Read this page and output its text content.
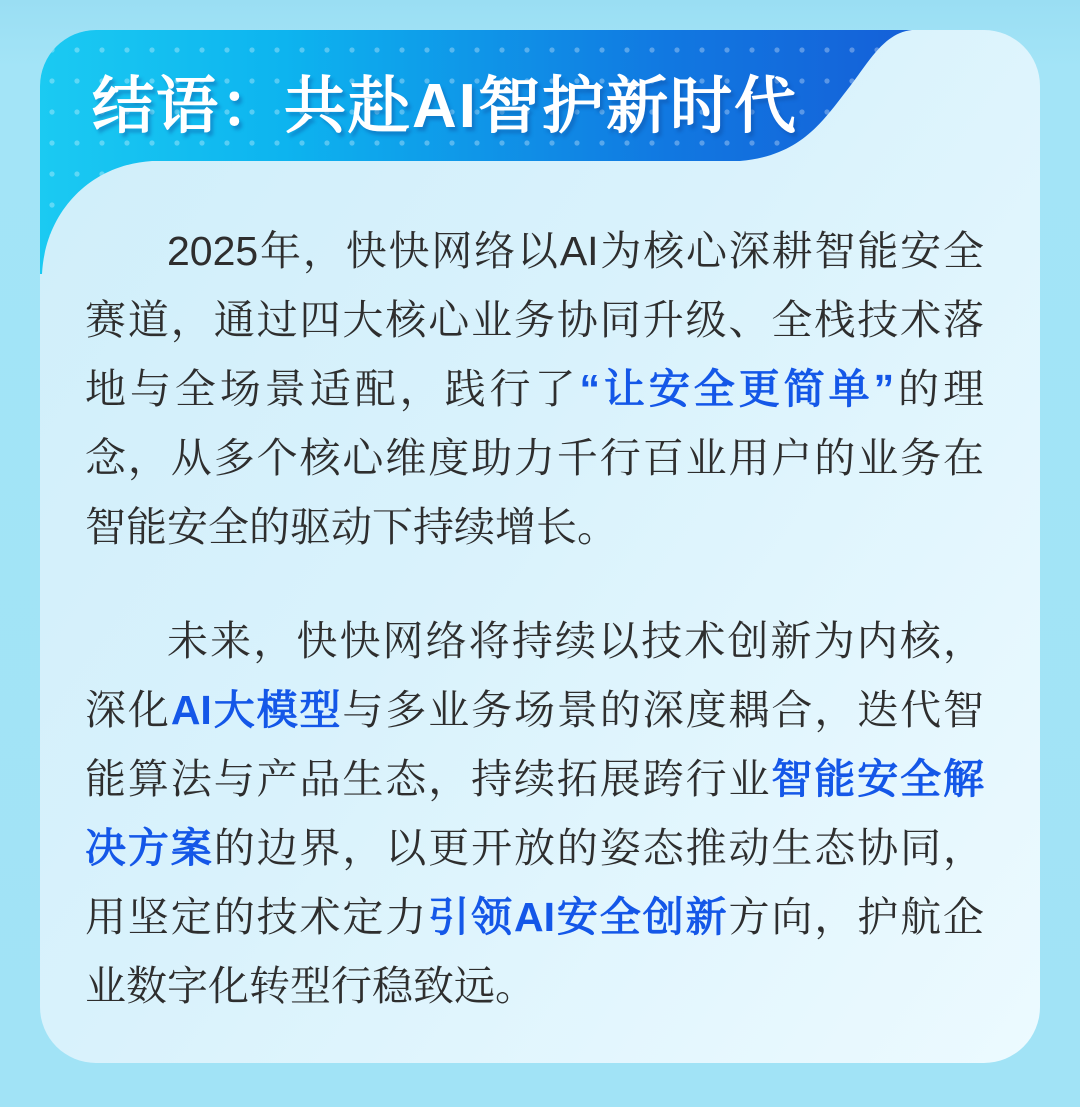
结语：共赴AI智护新时代

2025年，快快网络以AI为核心深耕智能安全赛道，通过四大核心业务协同升级、全栈技术落地与全场景适配，践行了“让安全更简单”的理念，从多个核心维度助力千行百业用户的业务在智能安全的驱动下持续增长。

未来，快快网络将持续以技术创新为内核，深化AI大模型与多业务场景的深度耦合，迭代智能算法与产品生态，持续拓展跨行业智能安全解决方案的边界，以更开放的姿态推动生态协同，用坚定的技术定力引领AI安全创新方向，护航企业数字化转型行稳致远。
